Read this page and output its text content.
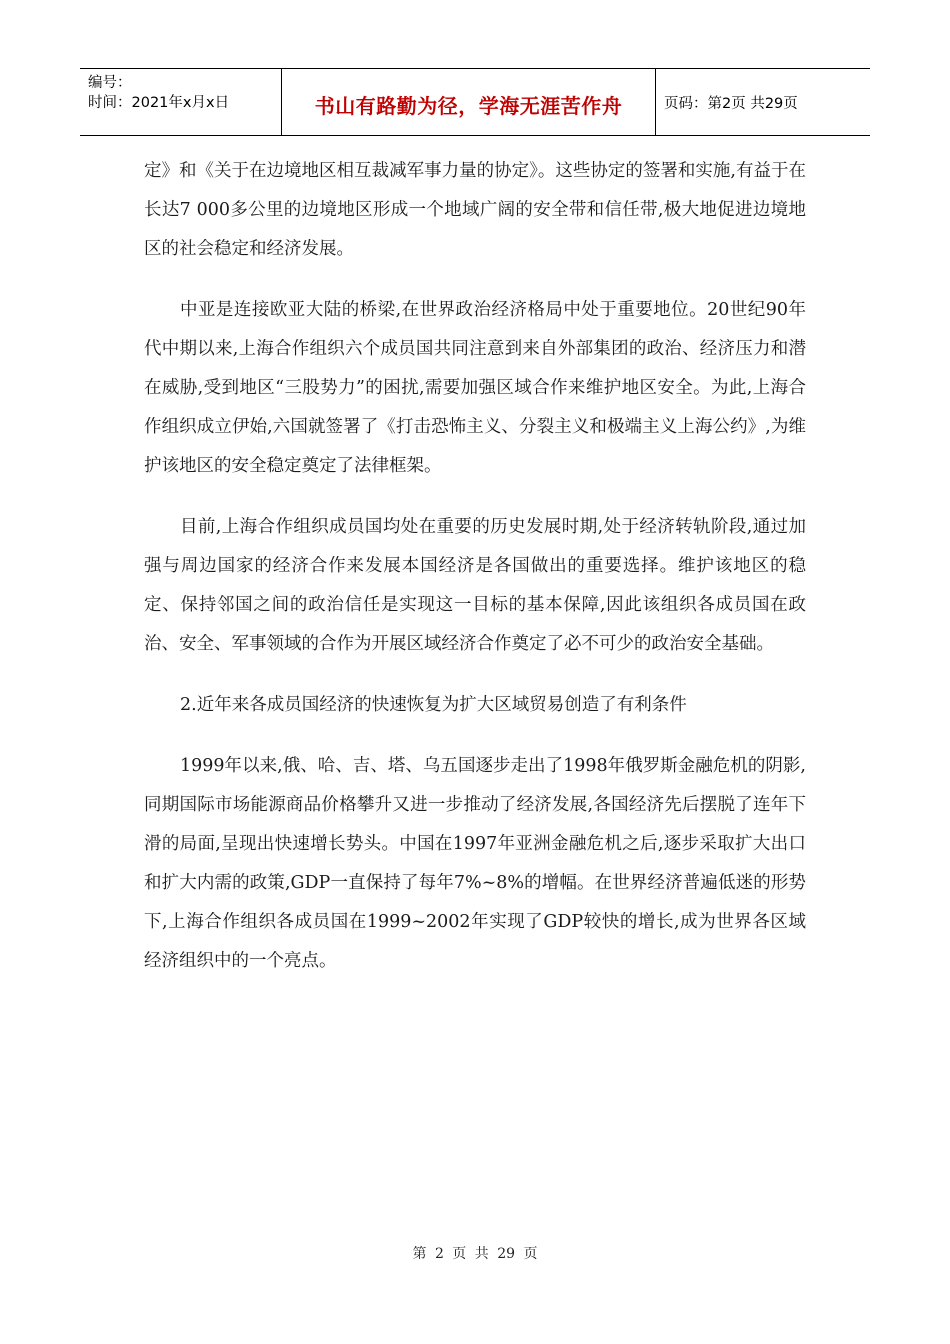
编号：
时间：2021年x月x日	书山有路勤为径，学海无涯苦作舟	页码：第2页 共29页

定》和《关于在边境地区相互裁减军事力量的协定》。这些协定的签署和实施,有益于在长达7 000多公里的边境地区形成一个地域广阔的安全带和信任带,极大地促进边境地区的社会稳定和经济发展。

中亚是连接欧亚大陆的桥梁,在世界政治经济格局中处于重要地位。20世纪90年代中期以来,上海合作组织六个成员国共同注意到来自外部集团的政治、经济压力和潜在威胁,受到地区“三股势力”的困扰,需要加强区域合作来维护地区安全。为此,上海合作组织成立伊始,六国就签署了《打击恐怖主义、分裂主义和极端主义上海公约》,为维护该地区的安全稳定奠定了法律框架。

目前,上海合作组织成员国均处在重要的历史发展时期,处于经济转轨阶段,通过加强与周边国家的经济合作来发展本国经济是各国做出的重要选择。维护该地区的稳定、保持邻国之间的政治信任是实现这一目标的基本保障,因此该组织各成员国在政治、安全、军事领域的合作为开展区域经济合作奠定了必不可少的政治安全基础。

2.近年来各成员国经济的快速恢复为扩大区域贸易创造了有利条件

1999年以来,俄、哈、吉、塔、乌五国逐步走出了1998年俄罗斯金融危机的阴影,同期国际市场能源商品价格攀升又进一步推动了经济发展,各国经济先后摆脱了连年下滑的局面,呈现出快速增长势头。中国在1997年亚洲金融危机之后,逐步采取扩大出口和扩大内需的政策,GDP一直保持了每年7%~8%的增幅。在世界经济普遍低迷的形势下,上海合作组织各成员国在1999~2002年实现了GDP较快的增长,成为世界各区域经济组织中的一个亮点。

第 2 页 共 29 页
